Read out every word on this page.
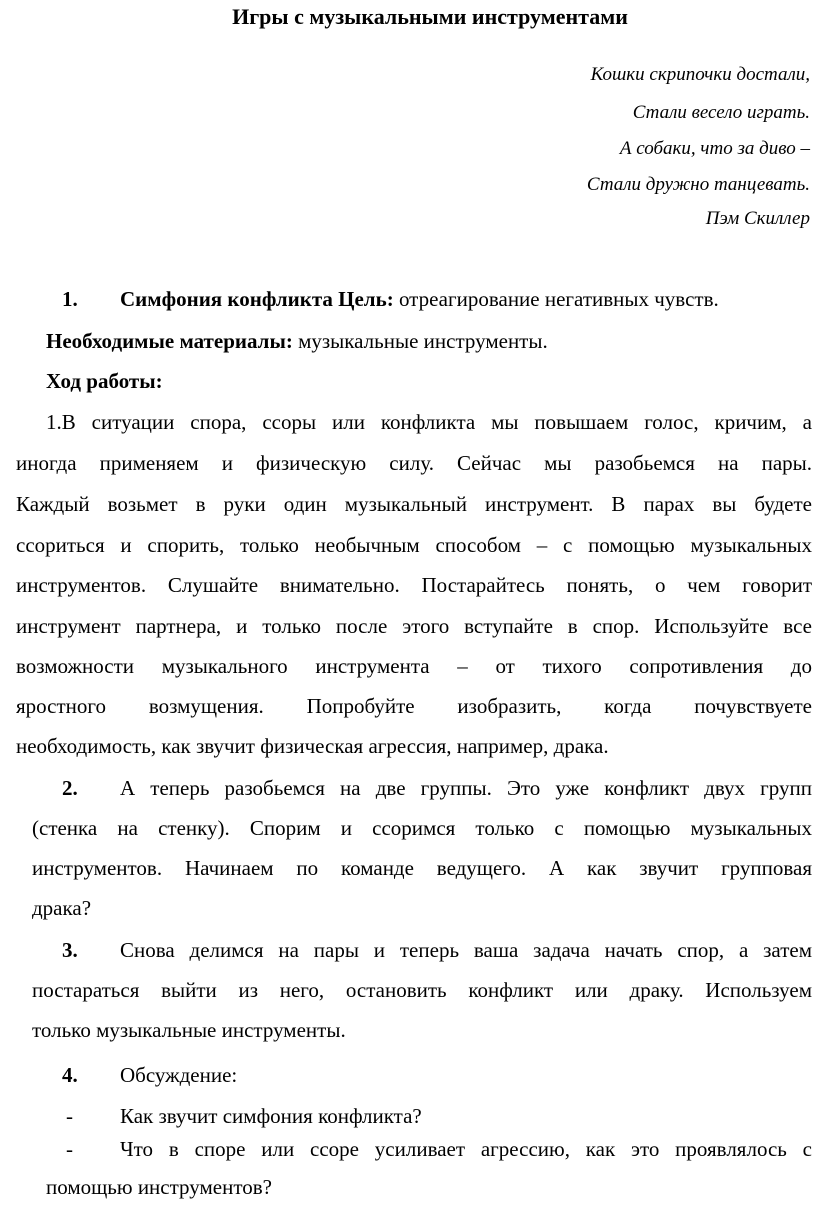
Игры с музыкальными инструментами
Кошки скрипочки достали,
Стали весело играть.
А собаки, что за диво –
Стали дружно танцевать.
Пэм Скиллер
1. Симфония конфликта Цель: отреагирование негативных чувств.
Необходимые материалы: музыкальные инструменты.
Ход работы:
1.В ситуации спора, ссоры или конфликта мы повышаем голос, кричим, а
иногда применяем и физическую силу. Сейчас мы разобьемся на пары.
Каждый возьмет в руки один музыкальный инструмент. В парах вы будете
ссориться и спорить, только необычным способом – с помощью музыкальных
инструментов. Слушайте внимательно. Постарайтесь понять, о чем говорит
инструмент партнера, и только после этого вступайте в спор. Используйте все
возможности музыкального инструмента – от тихого сопротивления до
яростного возмущения. Попробуйте изобразить, когда почувствуете
необходимость, как звучит физическая агрессия, например, драка.
2. А теперь разобьемся на две группы. Это уже конфликт двух групп
(стенка на стенку). Спорим и ссоримся только с помощью музыкальных
инструментов. Начинаем по команде ведущего. А как звучит групповая
драка?
3. Снова делимся на пары и теперь ваша задача начать спор, а затем
постараться выйти из него, остановить конфликт или драку. Используем
только музыкальные инструменты.
4. Обсуждение:
- Как звучит симфония конфликта?
- Что в споре или ссоре усиливает агрессию, как это проявлялось с
помощью инструментов?
